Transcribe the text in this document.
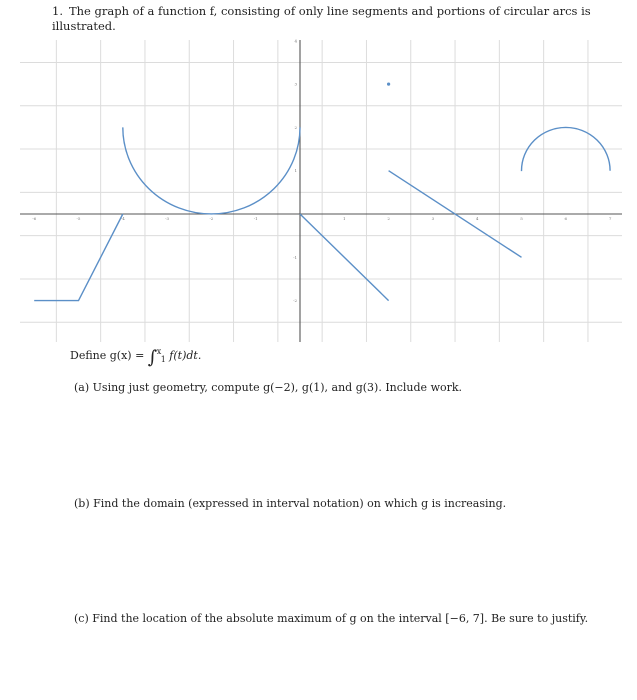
1. The graph of a function f, consisting of only line segments and portions of circular arcs is illustrated.
-6	-5	-4	-3	-2	-1	1	2	3	4	5	6	7
-2
-1
1
2
3
4
Define g(x) = ∫ $^x$ $_1$ f(t)dt.
(a) Using just geometry, compute g(−2), g(1), and g(3). Include work.
(b) Find the domain (expressed in interval notation) on which g is increasing.
(c) Find the location of the absolute maximum of g on the interval [−6, 7]. Be sure to justify.
